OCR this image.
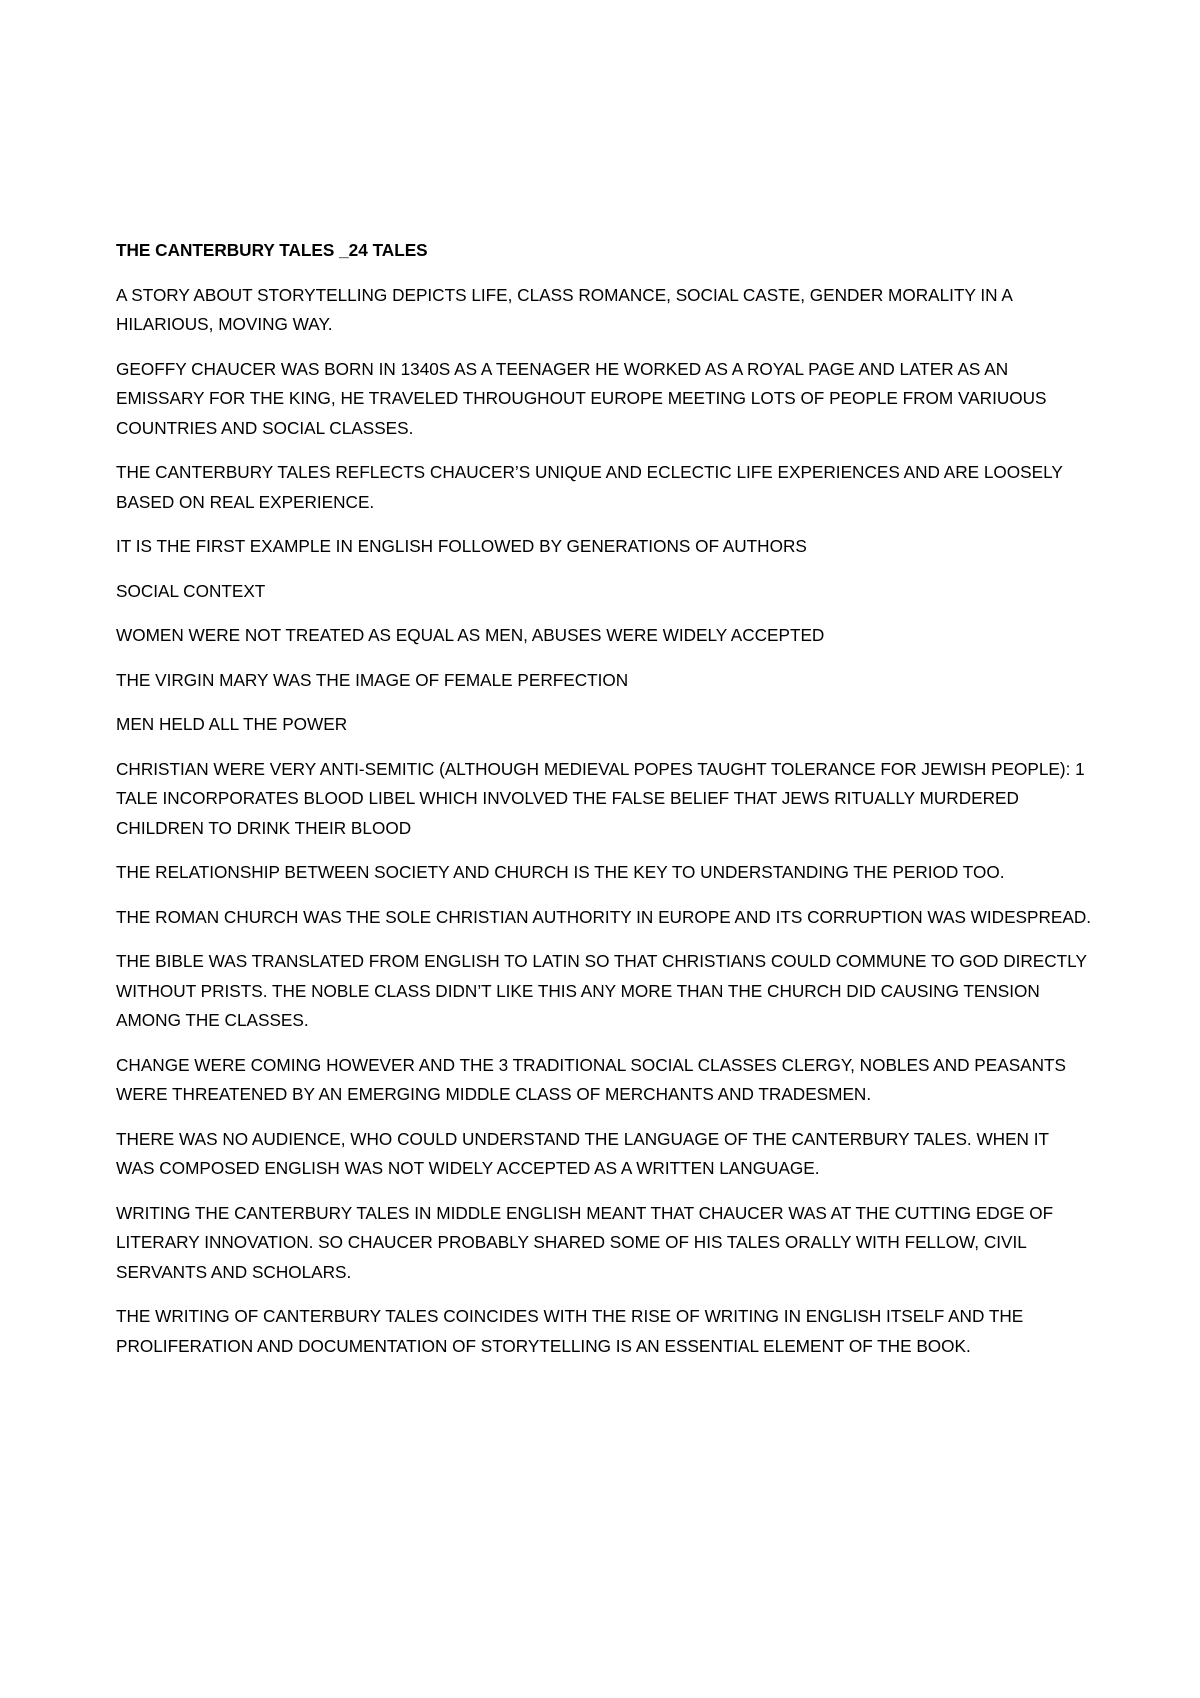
THE CANTERBURY TALES _24 TALES

A STORY ABOUT STORYTELLING DEPICTS LIFE, CLASS ROMANCE, SOCIAL CASTE, GENDER MORALITY IN A HILARIOUS, MOVING WAY.

GEOFFY CHAUCER WAS BORN IN 1340S AS A TEENAGER HE WORKED AS A ROYAL PAGE AND LATER AS AN EMISSARY FOR THE KING, HE TRAVELED THROUGHOUT EUROPE MEETING LOTS OF PEOPLE FROM VARIUOUS COUNTRIES AND SOCIAL CLASSES.

THE CANTERBURY TALES REFLECTS CHAUCER’S UNIQUE AND ECLECTIC LIFE EXPERIENCES AND ARE LOOSELY BASED ON REAL EXPERIENCE.

IT IS THE FIRST EXAMPLE IN ENGLISH FOLLOWED BY GENERATIONS OF AUTHORS

SOCIAL CONTEXT

WOMEN WERE NOT TREATED AS EQUAL AS MEN, ABUSES WERE WIDELY ACCEPTED

THE VIRGIN MARY WAS THE IMAGE OF FEMALE PERFECTION

MEN HELD ALL THE POWER

CHRISTIAN WERE VERY ANTI-SEMITIC (ALTHOUGH MEDIEVAL POPES TAUGHT TOLERANCE FOR JEWISH PEOPLE): 1 TALE INCORPORATES BLOOD LIBEL WHICH INVOLVED THE FALSE BELIEF THAT JEWS RITUALLY MURDERED CHILDREN TO DRINK THEIR BLOOD

THE RELATIONSHIP BETWEEN SOCIETY AND CHURCH IS THE KEY TO UNDERSTANDING THE PERIOD TOO.

THE ROMAN CHURCH WAS THE SOLE CHRISTIAN AUTHORITY IN EUROPE AND ITS CORRUPTION WAS WIDESPREAD.

THE BIBLE WAS TRANSLATED FROM ENGLISH TO LATIN SO THAT CHRISTIANS COULD COMMUNE TO GOD DIRECTLY WITHOUT PRISTS. THE NOBLE CLASS DIDN’T LIKE THIS ANY MORE THAN THE CHURCH DID CAUSING TENSION AMONG THE CLASSES.

CHANGE WERE COMING HOWEVER AND THE 3 TRADITIONAL SOCIAL CLASSES CLERGY, NOBLES AND PEASANTS WERE THREATENED BY AN EMERGING MIDDLE CLASS OF MERCHANTS AND TRADESMEN.

THERE WAS NO AUDIENCE, WHO COULD UNDERSTAND THE LANGUAGE OF THE CANTERBURY TALES. WHEN IT WAS COMPOSED ENGLISH WAS NOT WIDELY ACCEPTED AS A WRITTEN LANGUAGE.

WRITING THE CANTERBURY TALES IN MIDDLE ENGLISH MEANT THAT CHAUCER WAS AT THE CUTTING EDGE OF LITERARY INNOVATION. SO CHAUCER PROBABLY SHARED SOME OF HIS TALES ORALLY WITH FELLOW, CIVIL SERVANTS AND SCHOLARS.

THE WRITING OF CANTERBURY TALES COINCIDES WITH THE RISE OF WRITING IN ENGLISH ITSELF AND THE PROLIFERATION AND DOCUMENTATION OF STORYTELLING IS AN ESSENTIAL ELEMENT OF THE BOOK.
